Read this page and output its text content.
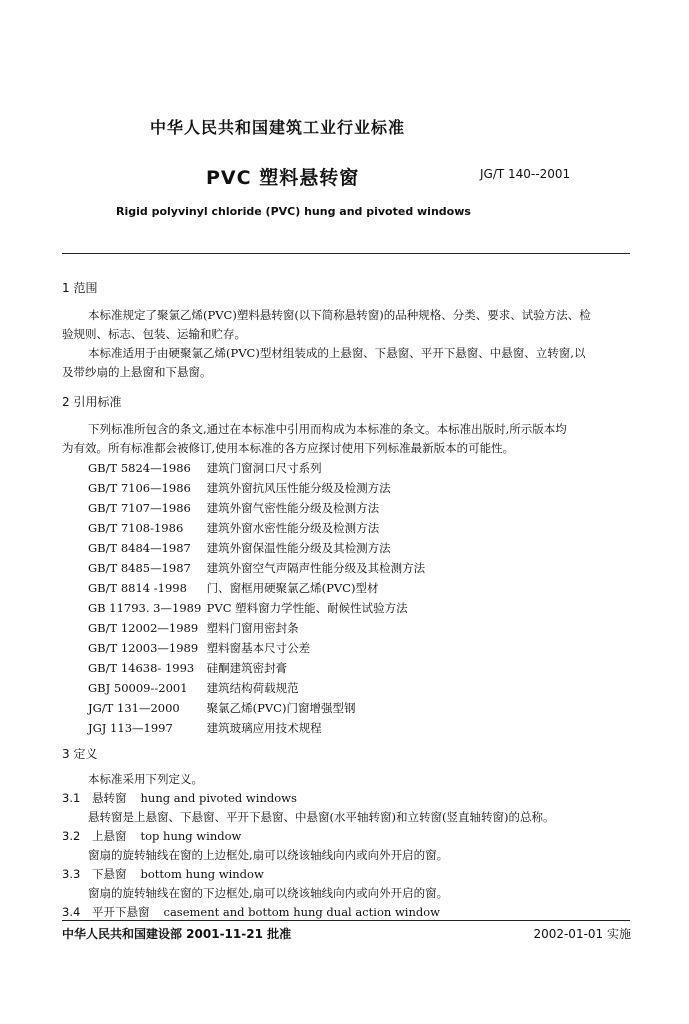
中华人民共和国建筑工业行业标准
PVC 塑料悬转窗	JG/T 140--2001
Rigid polyvinyl chloride (PVC) hung and pivoted windows
1 范围
本标准规定了聚氯乙烯(PVC)塑料悬转窗(以下简称悬转窗)的品种规格、分类、要求、试验方法、检
验规则、标志、包装、运输和贮存。
本标准适用于由硬聚氯乙烯(PVC)型材组装成的上悬窗、下悬窗、平开下悬窗、中悬窗、立转窗,以
及带纱扇的上悬窗和下悬窗。
2 引用标准
下列标准所包含的条文,通过在本标准中引用而构成为本标准的条文。本标准出版时,所示版本均
为有效。所有标准都会被修订,使用本标准的各方应探讨使用下列标准最新版本的可能性。
GB/T 5824—1986 建筑门窗洞口尺寸系列
GB/T 7106—1986 建筑外窗抗风压性能分级及检测方法
GB/T 7107—1986 建筑外窗气密性能分级及检测方法
GB/T 7108-1986 建筑外窗水密性能分级及检测方法
GB/T 8484—1987 建筑外窗保温性能分级及其检测方法
GB/T 8485—1987 建筑外窗空气声隔声性能分级及其检测方法
GB/T 8814 -1998 门、窗框用硬聚氯乙烯(PVC)型材
GB 11793. 3—1989 PVC 塑料窗力学性能、耐候性试验方法
GB/T 12002—1989 塑料门窗用密封条
GB/T 12003—1989 塑料窗基本尺寸公差
GB/T 14638- 1993 硅酮建筑密封膏
GBJ 50009--2001 建筑结构荷载规范
JG/T 131—2000 聚氯乙烯(PVC)门窗增强型钢
JGJ 113—1997	建筑玻璃应用技术规程
3 定义
本标准采用下列定义。
3.1 悬转窗 hung and pivoted windows
悬转窗是上悬窗、下悬窗、平开下悬窗、中悬窗(水平轴转窗)和立转窗(竖直轴转窗)的总称。
3.2 上悬窗 top hung window
窗扇的旋转轴线在窗的上边框处,扇可以绕该轴线向内或向外开启的窗。
3.3 下悬窗 bottom hung window
窗扇的旋转轴线在窗的下边框处,扇可以绕该轴线向内或向外开启的窗。
3.4 平开下悬窗 casement and bottom hung dual action window
中华人民共和国建设部 2001-11-21 批准	2002-01-01 实施
